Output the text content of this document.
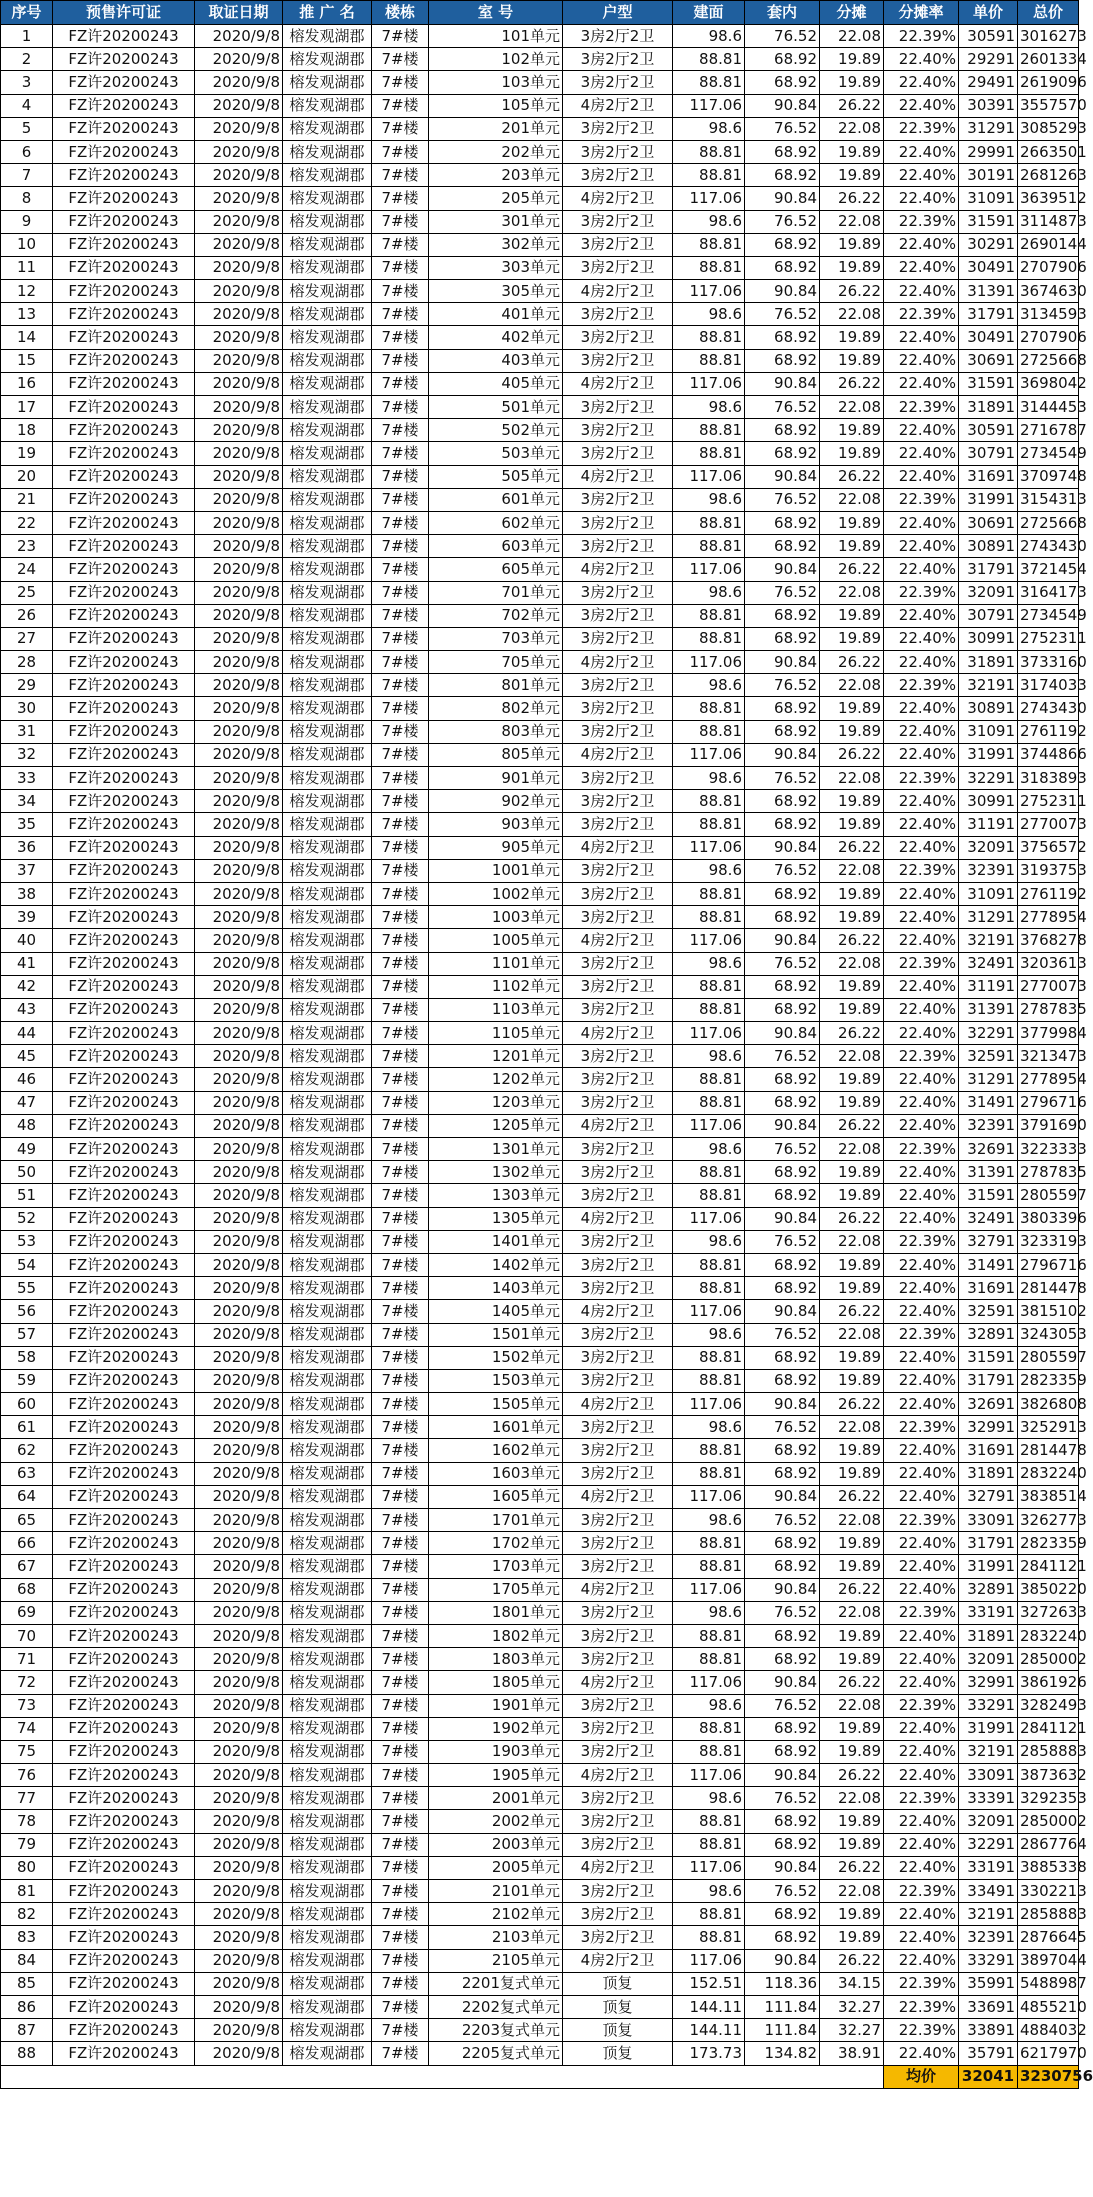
序号	预售许可证	取证日期	推 广 名	楼栋	室 号	户型	建面	套内	分摊	分摊率	单价	总价
1	FZ许20200243	2020/9/8	榕发观湖郡	7#楼	101单元	3房2厅2卫	98.6	76.52	22.08	22.39%	30591	3016273
2	FZ许20200243	2020/9/8	榕发观湖郡	7#楼	102单元	3房2厅2卫	88.81	68.92	19.89	22.40%	29291	2601334
3	FZ许20200243	2020/9/8	榕发观湖郡	7#楼	103单元	3房2厅2卫	88.81	68.92	19.89	22.40%	29491	2619096
4	FZ许20200243	2020/9/8	榕发观湖郡	7#楼	105单元	4房2厅2卫	117.06	90.84	26.22	22.40%	30391	3557570
5	FZ许20200243	2020/9/8	榕发观湖郡	7#楼	201单元	3房2厅2卫	98.6	76.52	22.08	22.39%	31291	3085293
6	FZ许20200243	2020/9/8	榕发观湖郡	7#楼	202单元	3房2厅2卫	88.81	68.92	19.89	22.40%	29991	2663501
7	FZ许20200243	2020/9/8	榕发观湖郡	7#楼	203单元	3房2厅2卫	88.81	68.92	19.89	22.40%	30191	2681263
8	FZ许20200243	2020/9/8	榕发观湖郡	7#楼	205单元	4房2厅2卫	117.06	90.84	26.22	22.40%	31091	3639512
9	FZ许20200243	2020/9/8	榕发观湖郡	7#楼	301单元	3房2厅2卫	98.6	76.52	22.08	22.39%	31591	3114873
10	FZ许20200243	2020/9/8	榕发观湖郡	7#楼	302单元	3房2厅2卫	88.81	68.92	19.89	22.40%	30291	2690144
11	FZ许20200243	2020/9/8	榕发观湖郡	7#楼	303单元	3房2厅2卫	88.81	68.92	19.89	22.40%	30491	2707906
12	FZ许20200243	2020/9/8	榕发观湖郡	7#楼	305单元	4房2厅2卫	117.06	90.84	26.22	22.40%	31391	3674630
13	FZ许20200243	2020/9/8	榕发观湖郡	7#楼	401单元	3房2厅2卫	98.6	76.52	22.08	22.39%	31791	3134593
14	FZ许20200243	2020/9/8	榕发观湖郡	7#楼	402单元	3房2厅2卫	88.81	68.92	19.89	22.40%	30491	2707906
15	FZ许20200243	2020/9/8	榕发观湖郡	7#楼	403单元	3房2厅2卫	88.81	68.92	19.89	22.40%	30691	2725668
16	FZ许20200243	2020/9/8	榕发观湖郡	7#楼	405单元	4房2厅2卫	117.06	90.84	26.22	22.40%	31591	3698042
17	FZ许20200243	2020/9/8	榕发观湖郡	7#楼	501单元	3房2厅2卫	98.6	76.52	22.08	22.39%	31891	3144453
18	FZ许20200243	2020/9/8	榕发观湖郡	7#楼	502单元	3房2厅2卫	88.81	68.92	19.89	22.40%	30591	2716787
19	FZ许20200243	2020/9/8	榕发观湖郡	7#楼	503单元	3房2厅2卫	88.81	68.92	19.89	22.40%	30791	2734549
20	FZ许20200243	2020/9/8	榕发观湖郡	7#楼	505单元	4房2厅2卫	117.06	90.84	26.22	22.40%	31691	3709748
21	FZ许20200243	2020/9/8	榕发观湖郡	7#楼	601单元	3房2厅2卫	98.6	76.52	22.08	22.39%	31991	3154313
22	FZ许20200243	2020/9/8	榕发观湖郡	7#楼	602单元	3房2厅2卫	88.81	68.92	19.89	22.40%	30691	2725668
23	FZ许20200243	2020/9/8	榕发观湖郡	7#楼	603单元	3房2厅2卫	88.81	68.92	19.89	22.40%	30891	2743430
24	FZ许20200243	2020/9/8	榕发观湖郡	7#楼	605单元	4房2厅2卫	117.06	90.84	26.22	22.40%	31791	3721454
25	FZ许20200243	2020/9/8	榕发观湖郡	7#楼	701单元	3房2厅2卫	98.6	76.52	22.08	22.39%	32091	3164173
26	FZ许20200243	2020/9/8	榕发观湖郡	7#楼	702单元	3房2厅2卫	88.81	68.92	19.89	22.40%	30791	2734549
27	FZ许20200243	2020/9/8	榕发观湖郡	7#楼	703单元	3房2厅2卫	88.81	68.92	19.89	22.40%	30991	2752311
28	FZ许20200243	2020/9/8	榕发观湖郡	7#楼	705单元	4房2厅2卫	117.06	90.84	26.22	22.40%	31891	3733160
29	FZ许20200243	2020/9/8	榕发观湖郡	7#楼	801单元	3房2厅2卫	98.6	76.52	22.08	22.39%	32191	3174033
30	FZ许20200243	2020/9/8	榕发观湖郡	7#楼	802单元	3房2厅2卫	88.81	68.92	19.89	22.40%	30891	2743430
31	FZ许20200243	2020/9/8	榕发观湖郡	7#楼	803单元	3房2厅2卫	88.81	68.92	19.89	22.40%	31091	2761192
32	FZ许20200243	2020/9/8	榕发观湖郡	7#楼	805单元	4房2厅2卫	117.06	90.84	26.22	22.40%	31991	3744866
33	FZ许20200243	2020/9/8	榕发观湖郡	7#楼	901单元	3房2厅2卫	98.6	76.52	22.08	22.39%	32291	3183893
34	FZ许20200243	2020/9/8	榕发观湖郡	7#楼	902单元	3房2厅2卫	88.81	68.92	19.89	22.40%	30991	2752311
35	FZ许20200243	2020/9/8	榕发观湖郡	7#楼	903单元	3房2厅2卫	88.81	68.92	19.89	22.40%	31191	2770073
36	FZ许20200243	2020/9/8	榕发观湖郡	7#楼	905单元	4房2厅2卫	117.06	90.84	26.22	22.40%	32091	3756572
37	FZ许20200243	2020/9/8	榕发观湖郡	7#楼	1001单元	3房2厅2卫	98.6	76.52	22.08	22.39%	32391	3193753
38	FZ许20200243	2020/9/8	榕发观湖郡	7#楼	1002单元	3房2厅2卫	88.81	68.92	19.89	22.40%	31091	2761192
39	FZ许20200243	2020/9/8	榕发观湖郡	7#楼	1003单元	3房2厅2卫	88.81	68.92	19.89	22.40%	31291	2778954
40	FZ许20200243	2020/9/8	榕发观湖郡	7#楼	1005单元	4房2厅2卫	117.06	90.84	26.22	22.40%	32191	3768278
41	FZ许20200243	2020/9/8	榕发观湖郡	7#楼	1101单元	3房2厅2卫	98.6	76.52	22.08	22.39%	32491	3203613
42	FZ许20200243	2020/9/8	榕发观湖郡	7#楼	1102单元	3房2厅2卫	88.81	68.92	19.89	22.40%	31191	2770073
43	FZ许20200243	2020/9/8	榕发观湖郡	7#楼	1103单元	3房2厅2卫	88.81	68.92	19.89	22.40%	31391	2787835
44	FZ许20200243	2020/9/8	榕发观湖郡	7#楼	1105单元	4房2厅2卫	117.06	90.84	26.22	22.40%	32291	3779984
45	FZ许20200243	2020/9/8	榕发观湖郡	7#楼	1201单元	3房2厅2卫	98.6	76.52	22.08	22.39%	32591	3213473
46	FZ许20200243	2020/9/8	榕发观湖郡	7#楼	1202单元	3房2厅2卫	88.81	68.92	19.89	22.40%	31291	2778954
47	FZ许20200243	2020/9/8	榕发观湖郡	7#楼	1203单元	3房2厅2卫	88.81	68.92	19.89	22.40%	31491	2796716
48	FZ许20200243	2020/9/8	榕发观湖郡	7#楼	1205单元	4房2厅2卫	117.06	90.84	26.22	22.40%	32391	3791690
49	FZ许20200243	2020/9/8	榕发观湖郡	7#楼	1301单元	3房2厅2卫	98.6	76.52	22.08	22.39%	32691	3223333
50	FZ许20200243	2020/9/8	榕发观湖郡	7#楼	1302单元	3房2厅2卫	88.81	68.92	19.89	22.40%	31391	2787835
51	FZ许20200243	2020/9/8	榕发观湖郡	7#楼	1303单元	3房2厅2卫	88.81	68.92	19.89	22.40%	31591	2805597
52	FZ许20200243	2020/9/8	榕发观湖郡	7#楼	1305单元	4房2厅2卫	117.06	90.84	26.22	22.40%	32491	3803396
53	FZ许20200243	2020/9/8	榕发观湖郡	7#楼	1401单元	3房2厅2卫	98.6	76.52	22.08	22.39%	32791	3233193
54	FZ许20200243	2020/9/8	榕发观湖郡	7#楼	1402单元	3房2厅2卫	88.81	68.92	19.89	22.40%	31491	2796716
55	FZ许20200243	2020/9/8	榕发观湖郡	7#楼	1403单元	3房2厅2卫	88.81	68.92	19.89	22.40%	31691	2814478
56	FZ许20200243	2020/9/8	榕发观湖郡	7#楼	1405单元	4房2厅2卫	117.06	90.84	26.22	22.40%	32591	3815102
57	FZ许20200243	2020/9/8	榕发观湖郡	7#楼	1501单元	3房2厅2卫	98.6	76.52	22.08	22.39%	32891	3243053
58	FZ许20200243	2020/9/8	榕发观湖郡	7#楼	1502单元	3房2厅2卫	88.81	68.92	19.89	22.40%	31591	2805597
59	FZ许20200243	2020/9/8	榕发观湖郡	7#楼	1503单元	3房2厅2卫	88.81	68.92	19.89	22.40%	31791	2823359
60	FZ许20200243	2020/9/8	榕发观湖郡	7#楼	1505单元	4房2厅2卫	117.06	90.84	26.22	22.40%	32691	3826808
61	FZ许20200243	2020/9/8	榕发观湖郡	7#楼	1601单元	3房2厅2卫	98.6	76.52	22.08	22.39%	32991	3252913
62	FZ许20200243	2020/9/8	榕发观湖郡	7#楼	1602单元	3房2厅2卫	88.81	68.92	19.89	22.40%	31691	2814478
63	FZ许20200243	2020/9/8	榕发观湖郡	7#楼	1603单元	3房2厅2卫	88.81	68.92	19.89	22.40%	31891	2832240
64	FZ许20200243	2020/9/8	榕发观湖郡	7#楼	1605单元	4房2厅2卫	117.06	90.84	26.22	22.40%	32791	3838514
65	FZ许20200243	2020/9/8	榕发观湖郡	7#楼	1701单元	3房2厅2卫	98.6	76.52	22.08	22.39%	33091	3262773
66	FZ许20200243	2020/9/8	榕发观湖郡	7#楼	1702单元	3房2厅2卫	88.81	68.92	19.89	22.40%	31791	2823359
67	FZ许20200243	2020/9/8	榕发观湖郡	7#楼	1703单元	3房2厅2卫	88.81	68.92	19.89	22.40%	31991	2841121
68	FZ许20200243	2020/9/8	榕发观湖郡	7#楼	1705单元	4房2厅2卫	117.06	90.84	26.22	22.40%	32891	3850220
69	FZ许20200243	2020/9/8	榕发观湖郡	7#楼	1801单元	3房2厅2卫	98.6	76.52	22.08	22.39%	33191	3272633
70	FZ许20200243	2020/9/8	榕发观湖郡	7#楼	1802单元	3房2厅2卫	88.81	68.92	19.89	22.40%	31891	2832240
71	FZ许20200243	2020/9/8	榕发观湖郡	7#楼	1803单元	3房2厅2卫	88.81	68.92	19.89	22.40%	32091	2850002
72	FZ许20200243	2020/9/8	榕发观湖郡	7#楼	1805单元	4房2厅2卫	117.06	90.84	26.22	22.40%	32991	3861926
73	FZ许20200243	2020/9/8	榕发观湖郡	7#楼	1901单元	3房2厅2卫	98.6	76.52	22.08	22.39%	33291	3282493
74	FZ许20200243	2020/9/8	榕发观湖郡	7#楼	1902单元	3房2厅2卫	88.81	68.92	19.89	22.40%	31991	2841121
75	FZ许20200243	2020/9/8	榕发观湖郡	7#楼	1903单元	3房2厅2卫	88.81	68.92	19.89	22.40%	32191	2858883
76	FZ许20200243	2020/9/8	榕发观湖郡	7#楼	1905单元	4房2厅2卫	117.06	90.84	26.22	22.40%	33091	3873632
77	FZ许20200243	2020/9/8	榕发观湖郡	7#楼	2001单元	3房2厅2卫	98.6	76.52	22.08	22.39%	33391	3292353
78	FZ许20200243	2020/9/8	榕发观湖郡	7#楼	2002单元	3房2厅2卫	88.81	68.92	19.89	22.40%	32091	2850002
79	FZ许20200243	2020/9/8	榕发观湖郡	7#楼	2003单元	3房2厅2卫	88.81	68.92	19.89	22.40%	32291	2867764
80	FZ许20200243	2020/9/8	榕发观湖郡	7#楼	2005单元	4房2厅2卫	117.06	90.84	26.22	22.40%	33191	3885338
81	FZ许20200243	2020/9/8	榕发观湖郡	7#楼	2101单元	3房2厅2卫	98.6	76.52	22.08	22.39%	33491	3302213
82	FZ许20200243	2020/9/8	榕发观湖郡	7#楼	2102单元	3房2厅2卫	88.81	68.92	19.89	22.40%	32191	2858883
83	FZ许20200243	2020/9/8	榕发观湖郡	7#楼	2103单元	3房2厅2卫	88.81	68.92	19.89	22.40%	32391	2876645
84	FZ许20200243	2020/9/8	榕发观湖郡	7#楼	2105单元	4房2厅2卫	117.06	90.84	26.22	22.40%	33291	3897044
85	FZ许20200243	2020/9/8	榕发观湖郡	7#楼	2201复式单元	顶复	152.51	118.36	34.15	22.39%	35991	5488987
86	FZ许20200243	2020/9/8	榕发观湖郡	7#楼	2202复式单元	顶复	144.11	111.84	32.27	22.39%	33691	4855210
87	FZ许20200243	2020/9/8	榕发观湖郡	7#楼	2203复式单元	顶复	144.11	111.84	32.27	22.39%	33891	4884032
88	FZ许20200243	2020/9/8	榕发观湖郡	7#楼	2205复式单元	顶复	173.73	134.82	38.91	22.40%	35791	6217970
										均价	32041	3230756
